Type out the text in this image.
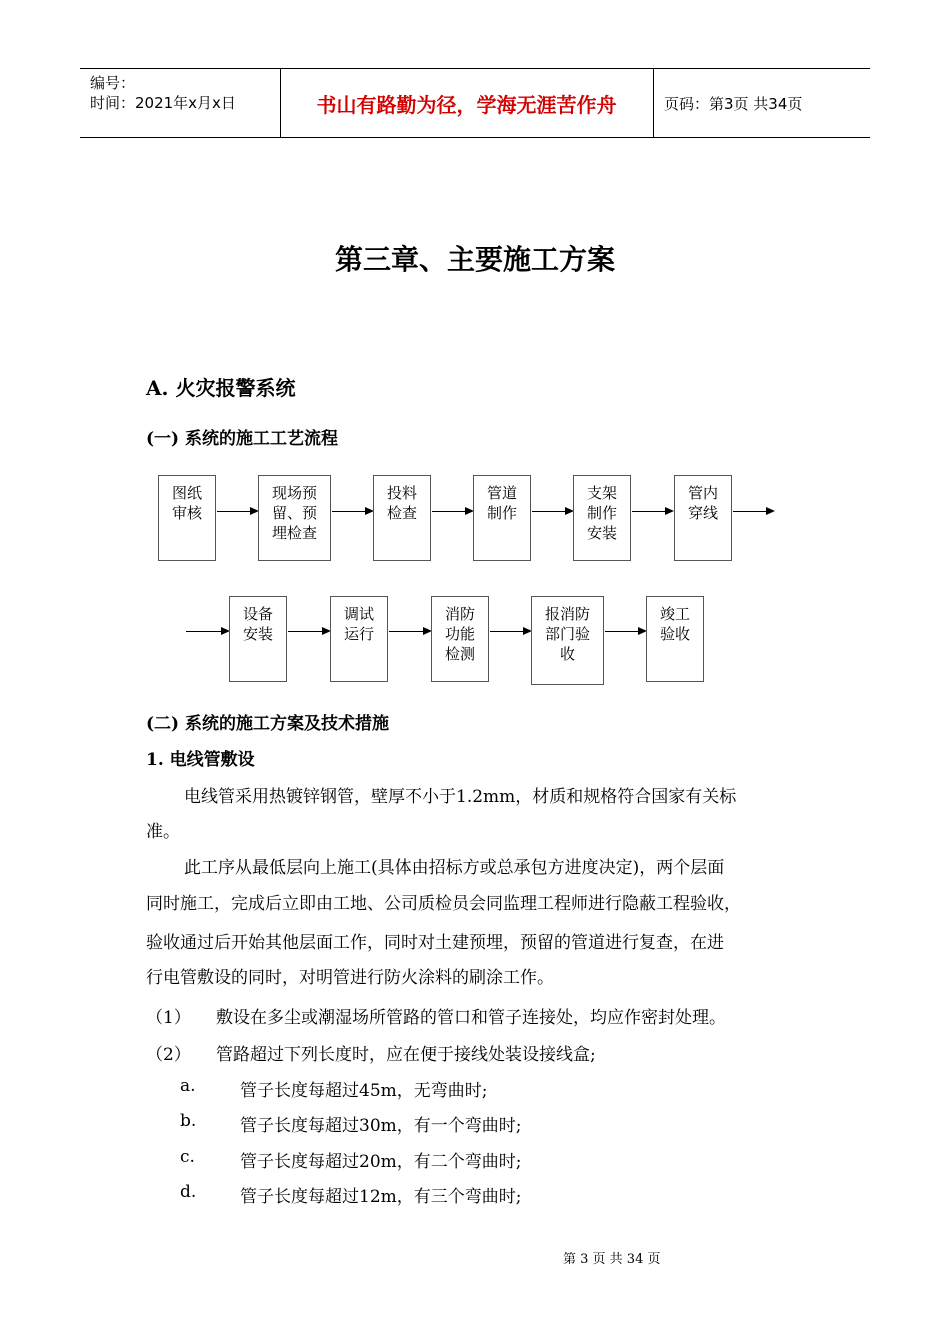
编号：
时间：2021年x月x日	书山有路勤为径，学海无涯苦作舟	页码：第3页 共34页
第三章、主要施工方案
A. 火灾报警系统
(一) 系统的施工工艺流程
图纸
审核
现场预
留、预
埋检查
投料
检查
管道
制作
支架
制作
安装
管内
穿线
设备
安装
调试
运行
消防
功能
检测
报消防
部门验
收
竣工
验收
(二) 系统的施工方案及技术措施
1. 电线管敷设
电线管采用热镀锌钢管，壁厚不小于1.2mm，材质和规格符合国家有关标
准。
此工序从最低层向上施工(具体由招标方或总承包方进度决定)，两个层面
同时施工，完成后立即由工地、公司质检员会同监理工程师进行隐蔽工程验收，
验收通过后开始其他层面工作，同时对土建预埋，预留的管道进行复查，在进
行电管敷设的同时，对明管进行防火涂料的刷涂工作。
（1） 敷设在多尘或潮湿场所管路的管口和管子连接处，均应作密封处理。
（2） 管路超过下列长度时，应在便于接线处装设接线盒;
a.	管子长度每超过45m，无弯曲时;
b.	管子长度每超过30m，有一个弯曲时;
c.	管子长度每超过20m，有二个弯曲时;
d.	管子长度每超过12m，有三个弯曲时;
第 3 页 共 34 页
